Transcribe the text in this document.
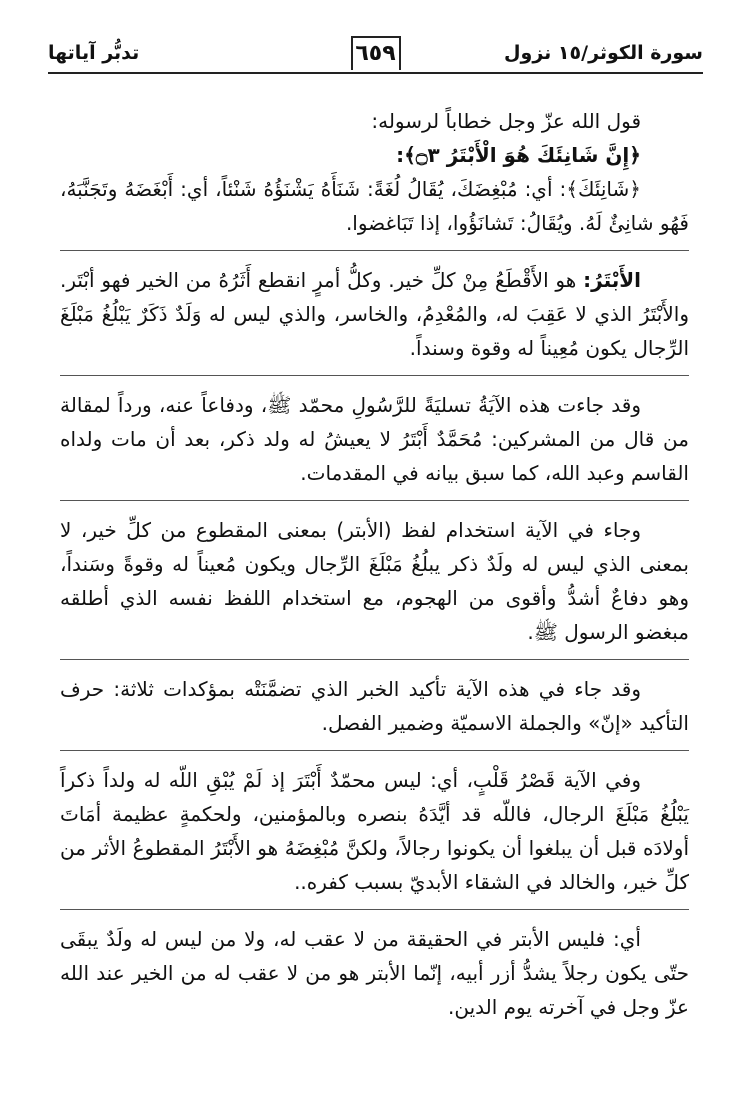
سورة الكوثر/١٥ نزول
٦٥٩
تدبُّر آياتها

قول الله عزّ وجل خطاباً لرسوله:

﴿إِنَّ شَانِئَكَ هُوَ الْأَبْتَرُ ۝٣﴾:

﴿شَانِئَكَ﴾: أي: مُبْغِضَكَ، يُقَالُ لُغَةً: شَنَأَهُ يَشْنَؤُهُ شَنْئاً، أي: أَبْغَضَهُ وتَجَنَّبَهُ، فَهُو شانِئٌ لَهُ. ويُقَالُ: تَشانَؤُوا، إذا تَبَاغضوا.

الأَبْتَرُ: هو الأَقْطَعُ مِنْ كلِّ خير. وكلُّ أمرٍ انقطع أَثَرُهُ من الخير فهو أبْتَر. والأَبْتَرُ الذي لا عَقِبَ له، والمُعْدِمُ، والخاسر، والذي ليس له وَلَدٌ ذَكَرٌ يَبْلُغُ مَبْلَغَ الرِّجال يكون مُعِيناً له وقوة وسنداً.

وقد جاءت هذه الآيَةُ تسليَةً للرَّسُولِ محمّد ﷺ، ودفاعاً عنه، ورداً لمقالة من قال من المشركين: مُحَمَّدٌ أَبْتَرُ لا يعيشُ له ولد ذكر، بعد أن مات ولداه القاسم وعبد الله، كما سبق بيانه في المقدمات.

وجاء في الآية استخدام لفظ (الأبتر) بمعنى المقطوع من كلِّ خير، لا بمعنى الذي ليس له ولَدٌ ذكر يبلُغُ مَبْلَغَ الرِّجال ويكون مُعيناً له وقوةً وسَنداً، وهو دفاعٌ أشدُّ وأقوى من الهجوم، مع استخدام اللفظ نفسه الذي أطلقه مبغضو الرسول ﷺ.

وقد جاء في هذه الآية تأكيد الخبر الذي تضمَّنَتْه بمؤكدات ثلاثة: حرف التأكيد «إنّ» والجملة الاسميّة وضمير الفصل.

وفي الآية قَصْرُ قَلْبٍ، أي: ليس محمّدٌ أَبْتَرَ إذ لَمْ يُبْقِ اللّه له ولداً ذكراً يَبْلُغُ مَبْلَغَ الرجال، فاللّه قد أيَّدَهُ بنصره وبالمؤمنين، ولحكمةٍ عظيمة أمَاتَ أولادَه قبل أن يبلغوا أن يكونوا رجالاً، ولكنَّ مُبْغِضَهُ هو الأَبْتَرُ المقطوعُ الأثر من كلِّ خير، والخالد في الشقاء الأبديّ بسبب كفره..

أي: فليس الأبتر في الحقيقة من لا عقب له، ولا من ليس له ولَدٌ يبقَى حتّى يكون رجلاً يشدُّ أزر أبيه، إنّما الأبتر هو من لا عقب له من الخير عند الله عزّ وجل في آخرته يوم الدين.
